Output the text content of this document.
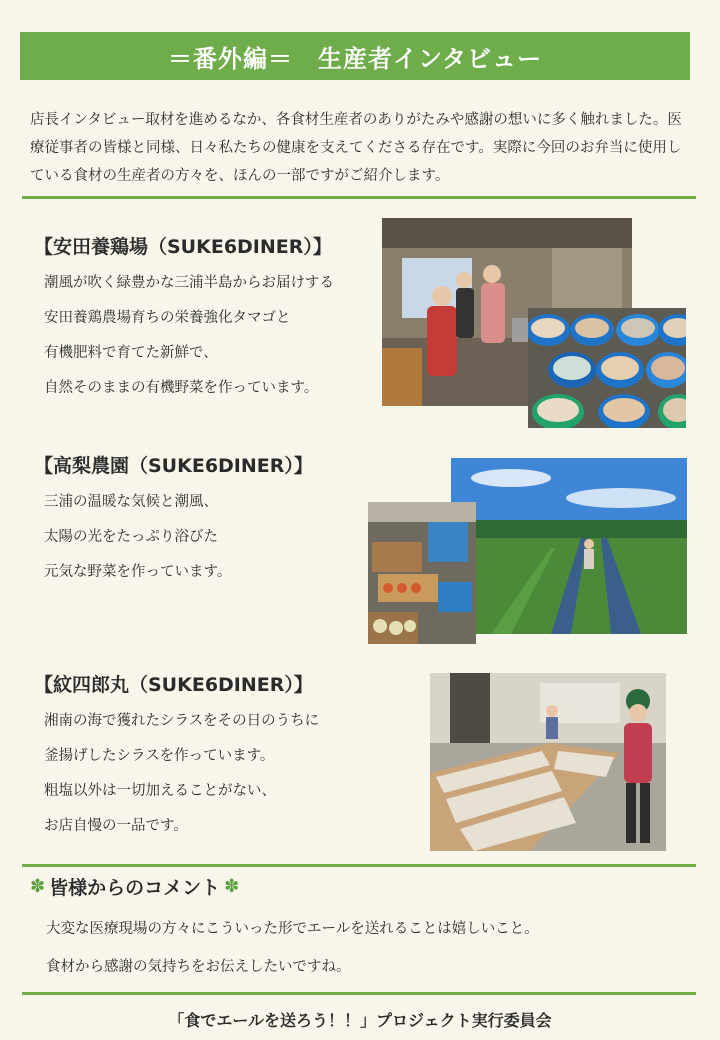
＝番外編＝　生産者インタビュー

店長インタビュー取材を進めるなか、各食材生産者のありがたみや感謝の想いに多く触れました。医療従事者の皆様と同様、日々私たちの健康を支えてくださる存在です。実際に今回のお弁当に使用している食材の生産者の方々を、ほんの一部ですがご紹介します。

【安田養鶏場（SUKE6DINER）】
潮風が吹く緑豊かな三浦半島からお届けする
安田養鶏農場育ちの栄養強化タマゴと
有機肥料で育てた新鮮で、
自然そのままの有機野菜を作っています。
【高梨農園（SUKE6DINER）】
三浦の温暖な気候と潮風、
太陽の光をたっぷり浴びた
元気な野菜を作っています。
【紋四郎丸（SUKE6DINER）】
湘南の海で獲れたシラスをその日のうちに
釜揚げしたシラスを作っています。
粗塩以外は一切加えることがない、
お店自慢の一品です。
✽ 皆様からのコメント ✽
大変な医療現場の方々にこういった形でエールを送れることは嬉しいこと。
食材から感謝の気持ちをお伝えしたいですね。
「食でエールを送ろう！！」プロジェクト実行委員会
